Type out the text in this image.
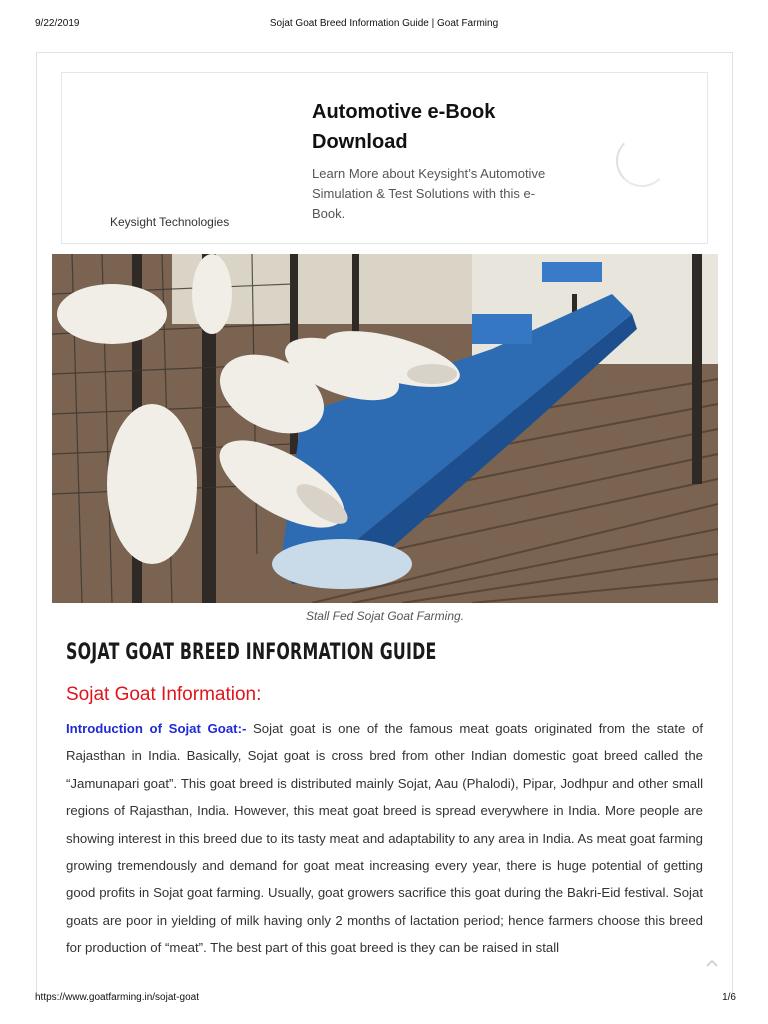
9/22/2019	Sojat Goat Breed Information Guide | Goat Farming
Keysight Technologies
Automotive e-Book Download
Learn More about Keysight’s Automotive Simulation & Test Solutions with this e-Book.
Stall Fed Sojat Goat Farming.
SOJAT GOAT BREED INFORMATION GUIDE
Sojat Goat Information:

Introduction of Sojat Goat:- Sojat goat is one of the famous meat goats originated from the state of Rajasthan in India. Basically, Sojat goat is cross bred from other Indian domestic goat breed called the “Jamunapari goat”. This goat breed is distributed mainly Sojat, Aau (Phalodi), Pipar, Jodhpur and other small regions of Rajasthan, India. However, this meat goat breed is spread everywhere in India. More people are showing interest in this breed due to its tasty meat and adaptability to any area in India. As meat goat farming growing tremendously and demand for goat meat increasing every year, there is huge potential of getting good profits in Sojat goat farming. Usually, goat growers sacrifice this goat during the Bakri-Eid festival. Sojat goats are poor in yielding of milk having only 2 months of lactation period; hence farmers choose this breed for production of “meat”. The best part of this goat breed is they can be raised in stall

https://www.goatfarming.in/sojat-goat	1/6
